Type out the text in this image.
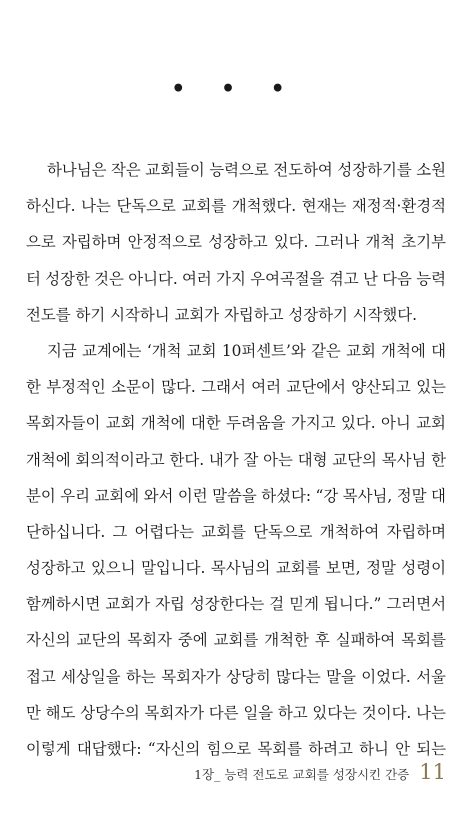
• • •
하나님은 작은 교회들이 능력으로 전도하여 성장하기를 소원
하신다. 나는 단독으로 교회를 개척했다. 현재는 재정적·환경적
으로 자립하며 안정적으로 성장하고 있다. 그러나 개척 초기부
터 성장한 것은 아니다. 여러 가지 우여곡절을 겪고 난 다음 능력
전도를 하기 시작하니 교회가 자립하고 성장하기 시작했다.
지금 교계에는 ‘개척 교회 10퍼센트’와 같은 교회 개척에 대
한 부정적인 소문이 많다. 그래서 여러 교단에서 양산되고 있는
목회자들이 교회 개척에 대한 두려움을 가지고 있다. 아니 교회
개척에 회의적이라고 한다. 내가 잘 아는 대형 교단의 목사님 한
분이 우리 교회에 와서 이런 말씀을 하셨다: “강 목사님, 정말 대
단하십니다. 그 어렵다는 교회를 단독으로 개척하여 자립하며
성장하고 있으니 말입니다. 목사님의 교회를 보면, 정말 성령이
함께하시면 교회가 자립 성장한다는 걸 믿게 됩니다.” 그러면서
자신의 교단의 목회자 중에 교회를 개척한 후 실패하여 목회를
접고 세상일을 하는 목회자가 상당히 많다는 말을 이었다. 서울
만 해도 상당수의 목회자가 다른 일을 하고 있다는 것이다. 나는
이렇게 대답했다: “자신의 힘으로 목회를 하려고 하니 안 되는
1장_ 능력 전도로 교회를 성장시킨 간증 11
